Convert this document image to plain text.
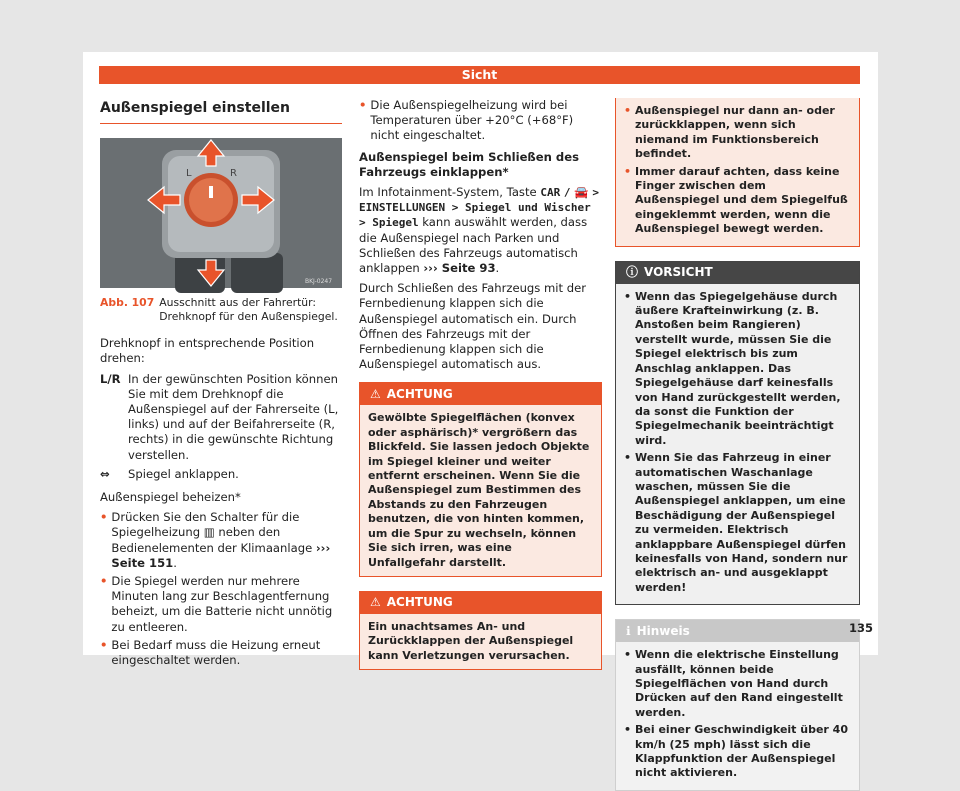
Sicht
Außenspiegel einstellen
L	R
BKJ-0247
Abb. 107 Ausschnitt aus der Fahrertür: Drehknopf für den Außenspiegel.

Drehknopf in entsprechende Position drehen:

L/R In der gewünschten Position können Sie mit dem Drehknopf die Außenspiegel auf der Fahrerseite (L, links) und auf der Beifahrerseite (R, rechts) in die gewünschte Richtung verstellen.
⇔	Spiegel anklappen.

Außenspiegel beheizen*

• Drücken Sie den Schalter für die Spiegelheizung ▥ neben den Bedienelementen der Klimaanlage ››› Seite 151.
• Die Spiegel werden nur mehrere Minuten lang zur Beschlagentfernung beheizt, um die Batterie nicht unnötig zu entleeren.
• Bei Bedarf muss die Heizung erneut eingeschaltet werden.
• Die Außenspiegelheizung wird bei Temperaturen über +20°C (+68°F) nicht eingeschaltet.

Außenspiegel beim Schließen des Fahrzeugs einklappen*

Im Infotainment-System, Taste CAR / 🚘 > EINSTELLUNGEN > Spiegel und Wischer > Spiegel kann auswählt werden, dass die Außenspiegel nach Parken und Schließen des Fahrzeugs automatisch anklappen ››› Seite 93.

Durch Schließen des Fahrzeugs mit der Fernbedienung klappen sich die Außenspiegel automatisch ein. Durch Öffnen des Fahrzeugs mit der Fernbedienung klappen sich die Außenspiegel automatisch aus.

⚠ ACHTUNG
Gewölbte Spiegelflächen (konvex oder asphärisch)* vergrößern das Blickfeld. Sie lassen jedoch Objekte im Spiegel kleiner und weiter entfernt erscheinen. Wenn Sie die Außenspiegel zum Bestimmen des Abstands zu den Fahrzeugen benutzen, die von hinten kommen, um die Spur zu wechseln, können Sie sich irren, was eine Unfallgefahr darstellt.
⚠ ACHTUNG
Ein unachtsames An- und Zurückklappen der Außenspiegel kann Verletzungen verursachen.
• Außenspiegel nur dann an- oder zurückklappen, wenn sich niemand im Funktionsbereich befindet.
• Immer darauf achten, dass keine Finger zwischen dem Außenspiegel und dem Spiegelfuß eingeklemmt werden, wenn die Außenspiegel bewegt werden.
ⓘ VORSICHT
• Wenn das Spiegelgehäuse durch äußere Krafteinwirkung (z. B. Anstoßen beim Rangieren) verstellt wurde, müssen Sie die Spiegel elektrisch bis zum Anschlag anklappen. Das Spiegelgehäuse darf keinesfalls von Hand zurückgestellt werden, da sonst die Funktion der Spiegelmechanik beeinträchtigt wird.
• Wenn Sie das Fahrzeug in einer automatischen Waschanlage waschen, müssen Sie die Außenspiegel anklappen, um eine Beschädigung der Außenspiegel zu vermeiden. Elektrisch anklappbare Außenspiegel dürfen keinesfalls von Hand, sondern nur elektrisch an- und ausgeklappt werden!
ℹ Hinweis
• Wenn die elektrische Einstellung ausfällt, können beide Spiegelflächen von Hand durch Drücken auf den Rand eingestellt werden.
• Bei einer Geschwindigkeit über 40 km/h (25 mph) lässt sich die Klappfunktion der Außenspiegel nicht aktivieren.
135
